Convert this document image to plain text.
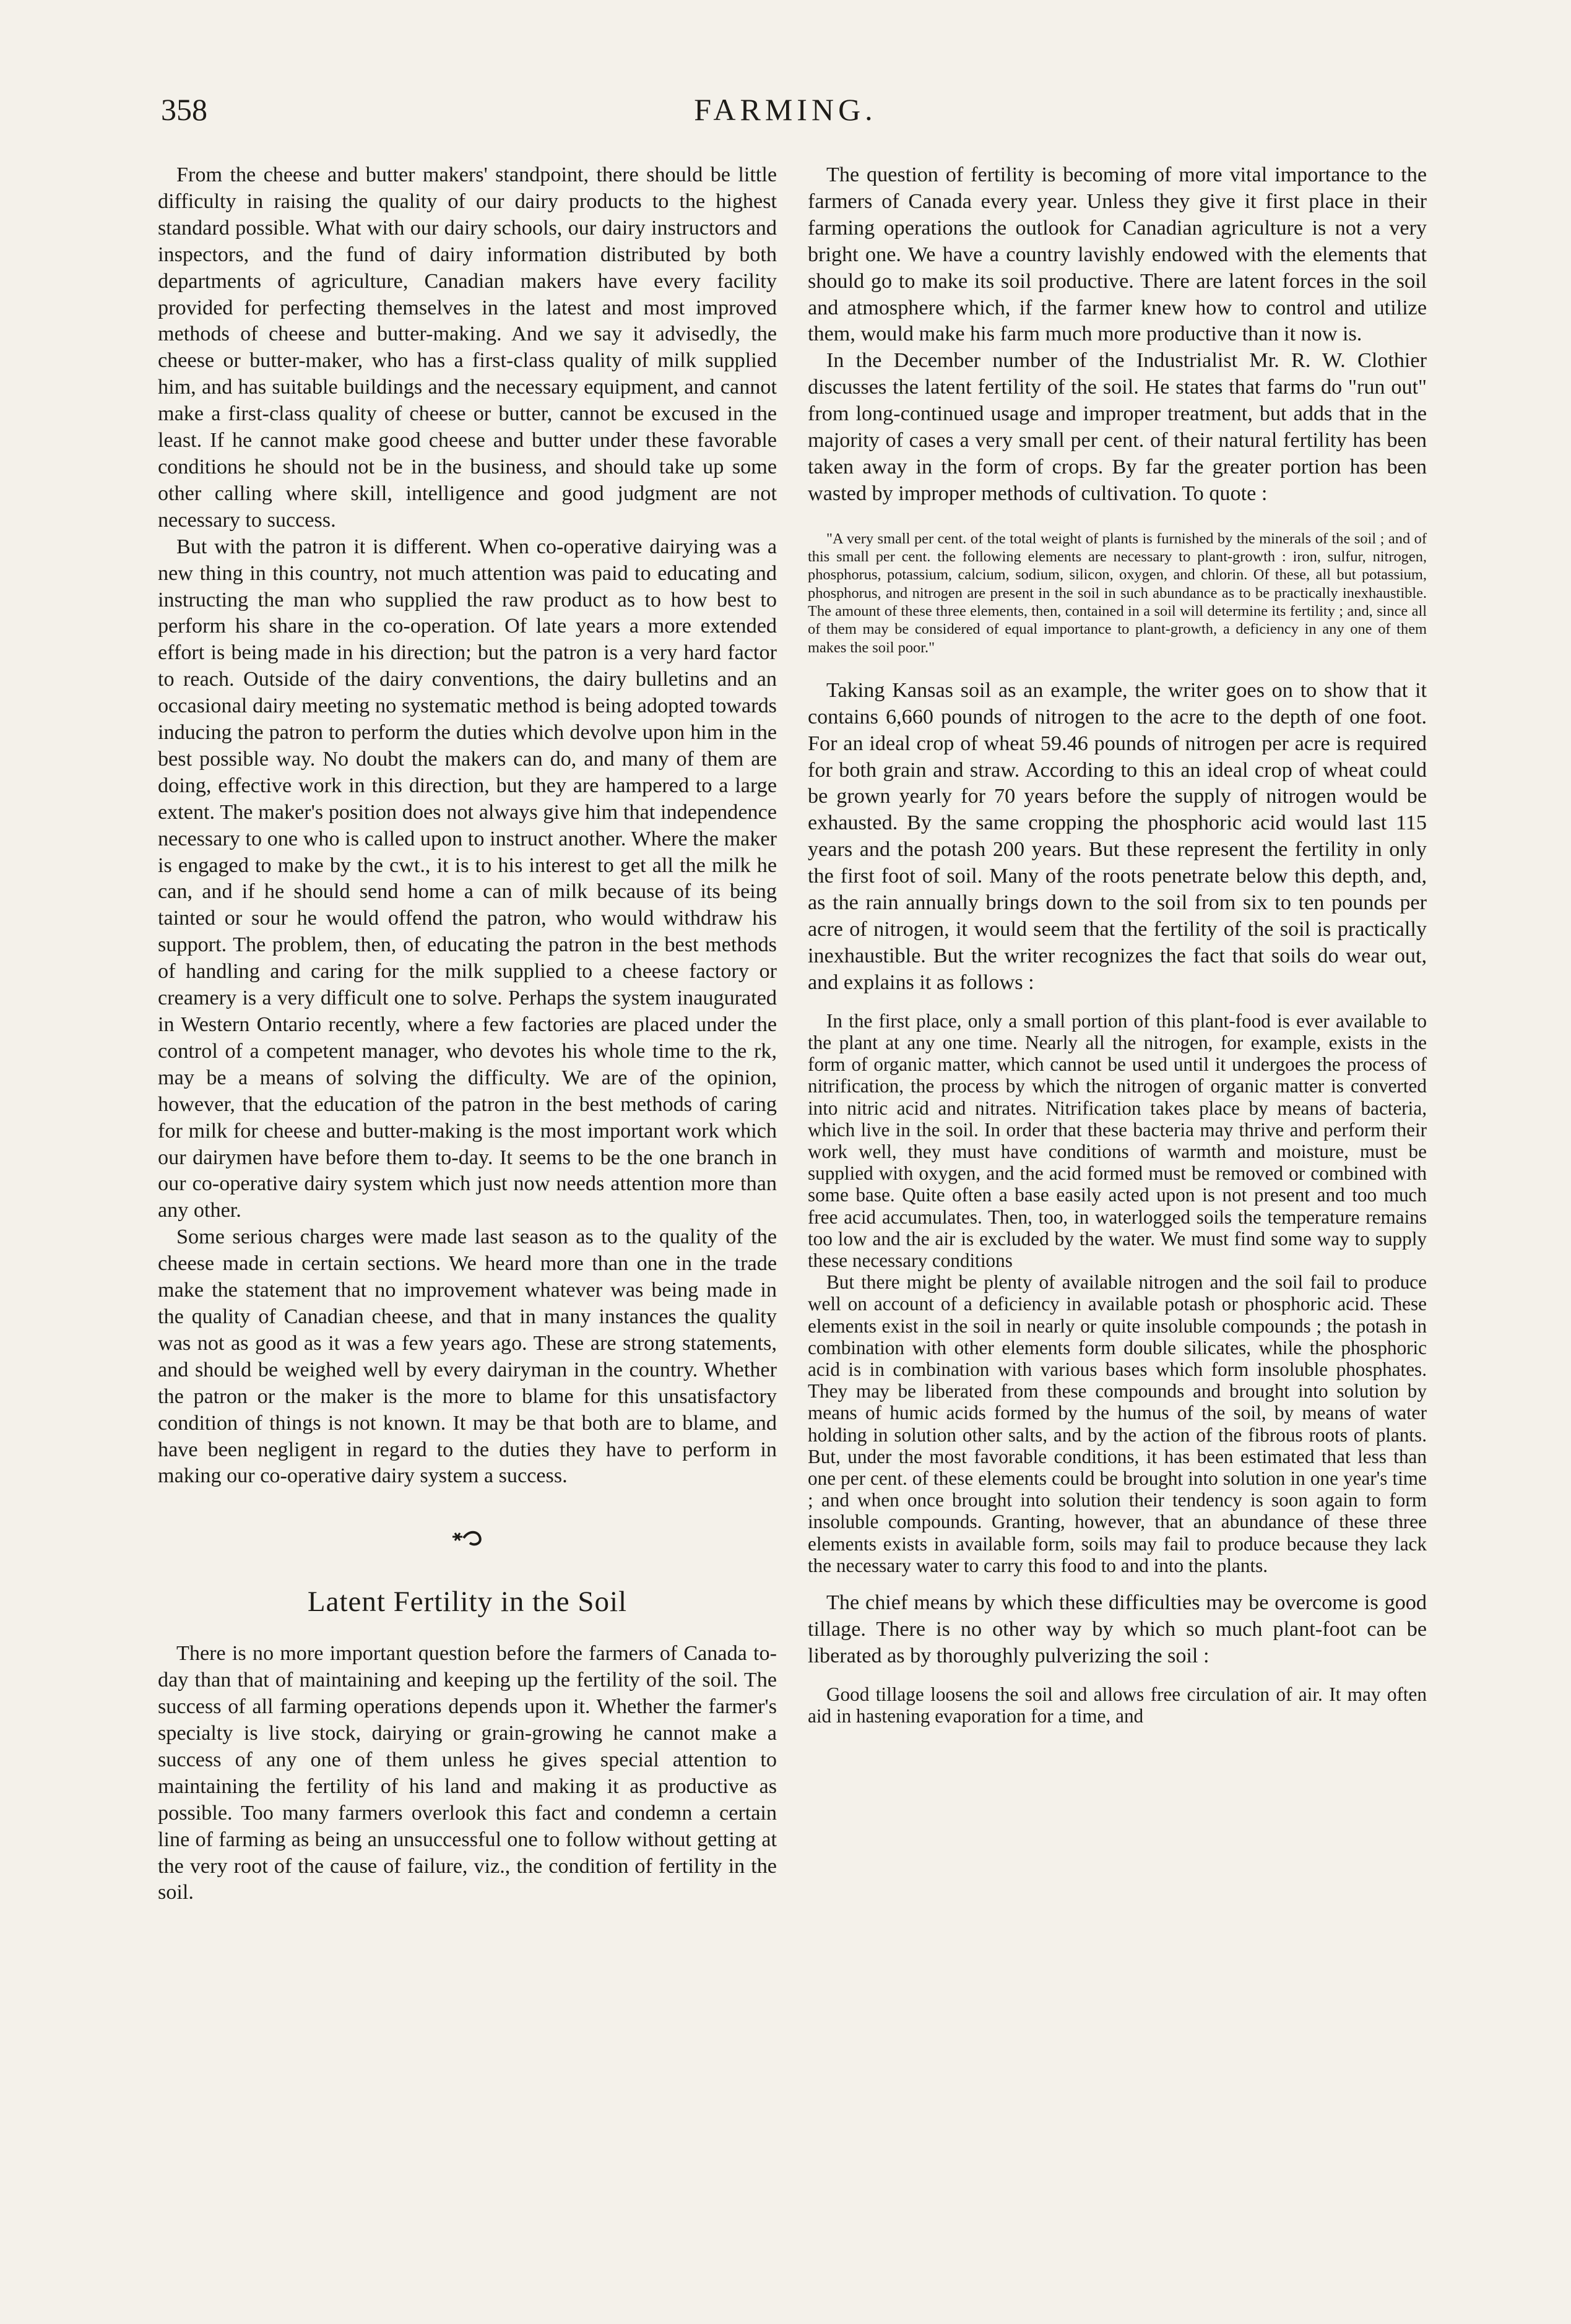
358	FARMING.

From the cheese and butter makers' standpoint, there should be little difficulty in raising the quality of our dairy products to the highest standard possible. What with our dairy schools, our dairy instructors and inspectors, and the fund of dairy information distributed by both departments of agriculture, Canadian makers have every facility provided for perfecting themselves in the latest and most improved methods of cheese and butter-making. And we say it advisedly, the cheese or butter-maker, who has a first-class quality of milk supplied him, and has suitable buildings and the necessary equipment, and cannot make a first-class quality of cheese or butter, cannot be excused in the least. If he cannot make good cheese and butter under these favorable conditions he should not be in the business, and should take up some other calling where skill, intelligence and good judgment are not necessary to success.

But with the patron it is different. When co-operative dairying was a new thing in this country, not much attention was paid to educating and instructing the man who supplied the raw product as to how best to perform his share in the co-operation. Of late years a more extended effort is being made in his direction; but the patron is a very hard factor to reach. Outside of the dairy conventions, the dairy bulletins and an occasional dairy meeting no systematic method is being adopted towards inducing the patron to perform the duties which devolve upon him in the best possible way. No doubt the makers can do, and many of them are doing, effective work in this direction, but they are hampered to a large extent. The maker's position does not always give him that independence necessary to one who is called upon to instruct another. Where the maker is engaged to make by the cwt., it is to his interest to get all the milk he can, and if he should send home a can of milk because of its being tainted or sour he would offend the patron, who would withdraw his support. The problem, then, of educating the patron in the best methods of handling and caring for the milk supplied to a cheese factory or creamery is a very difficult one to solve. Perhaps the system inaugurated in Western Ontario recently, where a few factories are placed under the control of a competent manager, who devotes his whole time to the rk, may be a means of solving the difficulty. We are of the opinion, however, that the education of the patron in the best methods of caring for milk for cheese and butter-making is the most important work which our dairymen have before them to-day. It seems to be the one branch in our co-operative dairy system which just now needs attention more than any other.

Some serious charges were made last season as to the quality of the cheese made in certain sections. We heard more than one in the trade make the statement that no improvement whatever was being made in the quality of Canadian cheese, and that in many instances the quality was not as good as it was a few years ago. These are strong statements, and should be weighed well by every dairyman in the country. Whether the patron or the maker is the more to blame for this unsatisfactory condition of things is not known. It may be that both are to blame, and have been negligent in regard to the duties they have to perform in making our co-operative dairy system a success.

Latent Fertility in the Soil

There is no more important question before the farmers of Canada to-day than that of maintaining and keeping up the fertility of the soil. The success of all farming operations depends upon it. Whether the farmer's specialty is live stock, dairying or grain-growing he cannot make a success of any one of them unless he gives special attention to maintaining the fertility of his land and making it as productive as possible. Too many farmers overlook this fact and condemn a certain line of farming as being an unsuccessful one to follow without getting at the very root of the cause of failure, viz., the condition of fertility in the soil.

The question of fertility is becoming of more vital importance to the farmers of Canada every year. Unless they give it first place in their farming operations the outlook for Canadian agriculture is not a very bright one. We have a country lavishly endowed with the elements that should go to make its soil productive. There are latent forces in the soil and atmosphere which, if the farmer knew how to control and utilize them, would make his farm much more productive than it now is.

In the December number of the Industrialist Mr. R. W. Clothier discusses the latent fertility of the soil. He states that farms do "run out" from long-continued usage and improper treatment, but adds that in the majority of cases a very small per cent. of their natural fertility has been taken away in the form of crops. By far the greater portion has been wasted by improper methods of cultivation. To quote :

"A very small per cent. of the total weight of plants is furnished by the minerals of the soil ; and of this small per cent. the following elements are necessary to plant-growth : iron, sulfur, nitrogen, phosphorus, potassium, calcium, sodium, silicon, oxygen, and chlorin. Of these, all but potassium, phosphorus, and nitrogen are present in the soil in such abundance as to be practically inexhaustible. The amount of these three elements, then, contained in a soil will determine its fertility ; and, since all of them may be considered of equal importance to plant-growth, a deficiency in any one of them makes the soil poor."

Taking Kansas soil as an example, the writer goes on to show that it contains 6,660 pounds of nitrogen to the acre to the depth of one foot. For an ideal crop of wheat 59.46 pounds of nitrogen per acre is required for both grain and straw. According to this an ideal crop of wheat could be grown yearly for 70 years before the supply of nitrogen would be exhausted. By the same cropping the phosphoric acid would last 115 years and the potash 200 years. But these represent the fertility in only the first foot of soil. Many of the roots penetrate below this depth, and, as the rain annually brings down to the soil from six to ten pounds per acre of nitrogen, it would seem that the fertility of the soil is practically inexhaustible. But the writer recognizes the fact that soils do wear out, and explains it as follows :

In the first place, only a small portion of this plant-food is ever available to the plant at any one time. Nearly all the nitrogen, for example, exists in the form of organic matter, which cannot be used until it undergoes the process of nitrification, the process by which the nitrogen of organic matter is converted into nitric acid and nitrates. Nitrification takes place by means of bacteria, which live in the soil. In order that these bacteria may thrive and perform their work well, they must have conditions of warmth and moisture, must be supplied with oxygen, and the acid formed must be removed or combined with some base. Quite often a base easily acted upon is not present and too much free acid accumulates. Then, too, in waterlogged soils the temperature remains too low and the air is excluded by the water. We must find some way to supply these necessary conditions

But there might be plenty of available nitrogen and the soil fail to produce well on account of a deficiency in available potash or phosphoric acid. These elements exist in the soil in nearly or quite insoluble compounds ; the potash in combination with other elements form double silicates, while the phosphoric acid is in combination with various bases which form insoluble phosphates. They may be liberated from these compounds and brought into solution by means of humic acids formed by the humus of the soil, by means of water holding in solution other salts, and by the action of the fibrous roots of plants. But, under the most favorable conditions, it has been estimated that less than one per cent. of these elements could be brought into solution in one year's time ; and when once brought into solution their tendency is soon again to form insoluble compounds. Granting, however, that an abundance of these three elements exists in available form, soils may fail to produce because they lack the necessary water to carry this food to and into the plants.

The chief means by which these difficulties may be overcome is good tillage. There is no other way by which so much plant-foot can be liberated as by thoroughly pulverizing the soil :

Good tillage loosens the soil and allows free circulation of air. It may often aid in hastening evaporation for a time, and
